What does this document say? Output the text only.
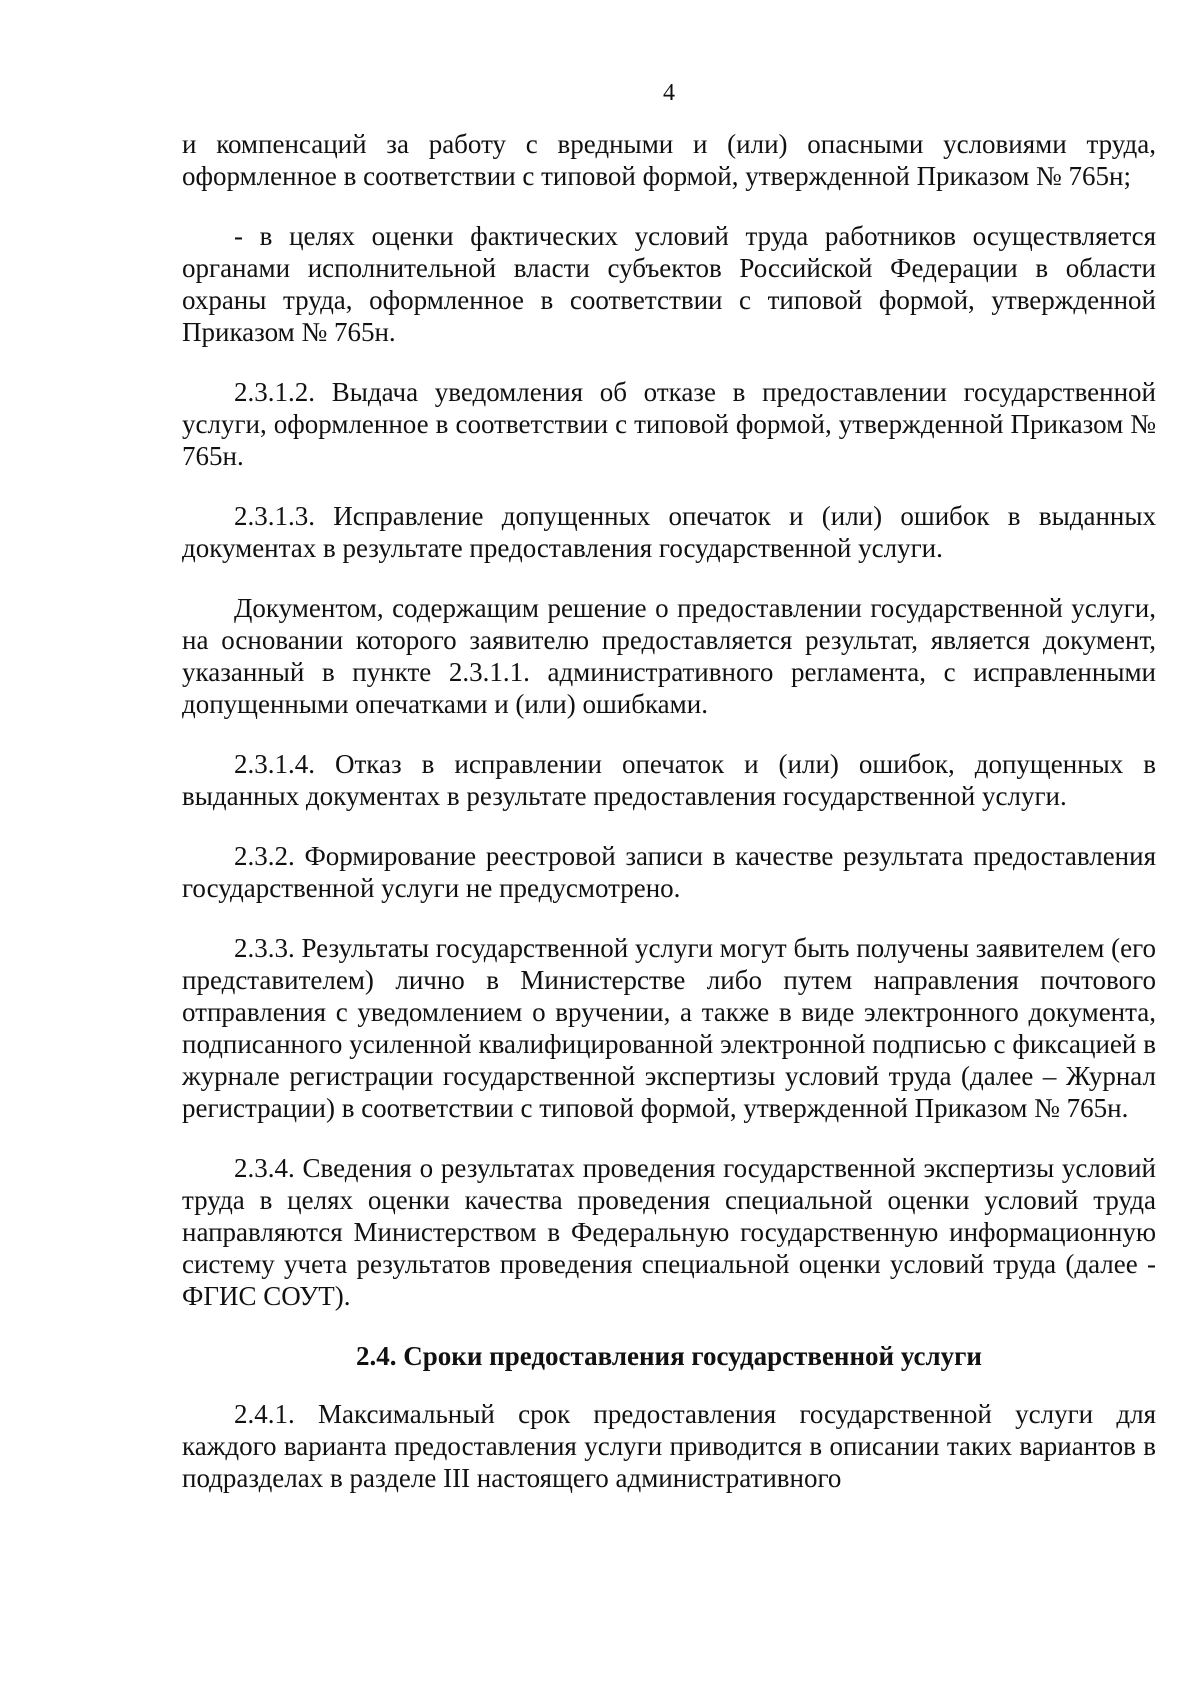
4

и компенсаций за работу с вредными и (или) опасными условиями труда, оформленное в соответствии с типовой формой, утвержденной Приказом № 765н;

- в целях оценки фактических условий труда работников осуществляется органами исполнительной власти субъектов Российской Федерации в области охраны труда, оформленное в соответствии с типовой формой, утвержденной Приказом № 765н.

2.3.1.2. Выдача уведомления об отказе в предоставлении государственной услуги, оформленное в соответствии с типовой формой, утвержденной Приказом № 765н.

2.3.1.3. Исправление допущенных опечаток и (или) ошибок в выданных документах в результате предоставления государственной услуги.

Документом, содержащим решение о предоставлении государственной услуги, на основании которого заявителю предоставляется результат, является документ, указанный в пункте 2.3.1.1. административного регламента, с исправленными допущенными опечатками и (или) ошибками.

2.3.1.4. Отказ в исправлении опечаток и (или) ошибок, допущенных в выданных документах в результате предоставления государственной услуги.

2.3.2. Формирование реестровой записи в качестве результата предоставления государственной услуги не предусмотрено.

2.3.3. Результаты государственной услуги могут быть получены заявителем (его представителем) лично в Министерстве либо путем направления почтового отправления с уведомлением о вручении, а также в виде электронного документа, подписанного усиленной квалифицированной электронной подписью с фиксацией в журнале регистрации государственной экспертизы условий труда (далее – Журнал регистрации) в соответствии с типовой формой, утвержденной Приказом № 765н.

2.3.4. Сведения о результатах проведения государственной экспертизы условий труда в целях оценки качества проведения специальной оценки условий труда направляются Министерством в Федеральную государственную информационную систему учета результатов проведения специальной оценки условий труда (далее - ФГИС СОУТ).

2.4. Сроки предоставления государственной услуги

2.4.1. Максимальный срок предоставления государственной услуги для каждого варианта предоставления услуги приводится в описании таких вариантов в подразделах в разделе III настоящего административного
